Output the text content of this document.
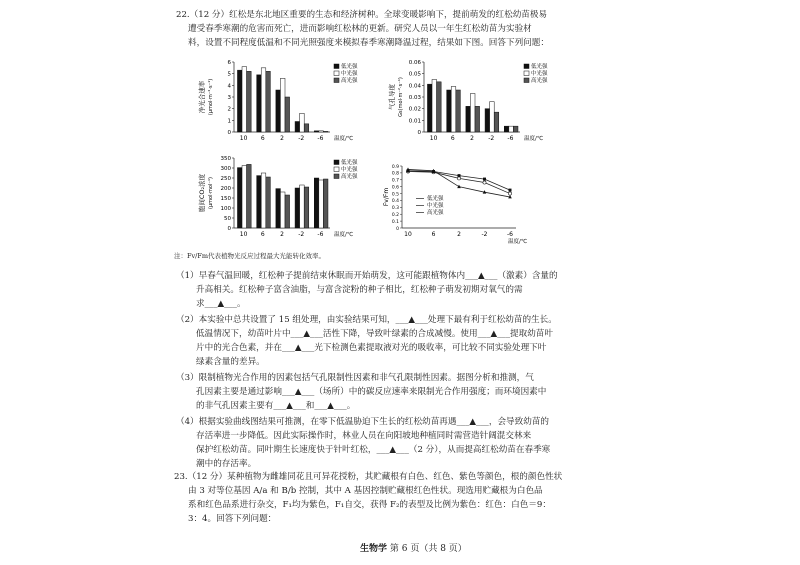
22.（12 分）红松是东北地区重要的生态和经济树种。全球变暖影响下，提前萌发的红松幼苗极易
遭受春季寒潮的危害而死亡，进而影响红松林的更新。研究人员以一年生红松幼苗为实验材
料，设置不同程度低温和不同光照强度来模拟春季寒潮降温过程，结果如下图。回答下列问题：
净光合速率 (μmol·m⁻²·s⁻¹)
0
1
2
3
4
5
6
10 6	2 -2 -6 温度/℃
低光强
中光强
高光强
气孔导度 Gs(mol·m⁻²·s⁻¹)
0
0.01
0.02
0.03
0.04
0.05
0.06
10 6	2 -2 -6 温度/℃
低光强
中光强
高光强
胞间CO₂浓度 (μmol·mol⁻¹)
0
50
100
150
200
250
300
350
10 6	2 -2 -6 温度/℃
低光强
中光强
高光强
Fv/Fm
0
0.1
0.2
0.3
0.4
0.5
0.6
0.7
0.8
0.9
10	6	2	-2	-6
温度/℃
低光强
中光强
高光强
注：Fv/Fm代表植物光反应过程最大光能转化效率。
（1）早春气温回暖，红松种子提前结束休眠而开始萌发，这可能跟植物体内___▲___（激素）含量的
升高相关。红松种子富含油脂，与富含淀粉的种子相比，红松种子萌发初期对氧气的需
求___▲___。
（2）本实验中总共设置了 15 组处理，由实验结果可知，___▲___处理下最有利于红松幼苗的生长。
低温情况下，幼苗叶片中___▲___活性下降，导致叶绿素的合成减慢。使用___▲___提取幼苗叶
片中的光合色素，并在___▲___光下检测色素提取液对光的吸收率，可比较不同实验处理下叶
绿素含量的差异。
（3）限制植物光合作用的因素包括气孔限制性因素和非气孔限制性因素。据图分析和推测，气
孔因素主要是通过影响___▲___（场所）中的碳反应速率来限制光合作用强度；而环境因素中
的非气孔因素主要有___▲___和___▲___。
（4）根据实验曲线图结果可推测，在零下低温胁迫下生长的红松幼苗再遇___▲___，会导致幼苗的
存活率进一步降低。因此实际操作时，林业人员在向阳坡地种植同时需营造针阔混交林来
保护红松幼苗。同叶期生长速度快于针叶红松，___▲___（2 分），从而提高红松幼苗在春季寒
潮中的存活率。
23.（12 分）某种植物为雌雄同花且可异花授粉，其贮藏根有白色、红色、紫色等颜色，根的颜色性状
由 3 对等位基因 A/a 和 B/b 控制，其中 A 基因控制贮藏根红色性状。现选用贮藏根为白色品
系和红色品系进行杂交，F₁均为紫色，F₁自交，获得 F₂的表型及比例为紫色：红色：白色＝9：
3：4。回答下列问题：
生物学 第 6 页（共 8 页）
